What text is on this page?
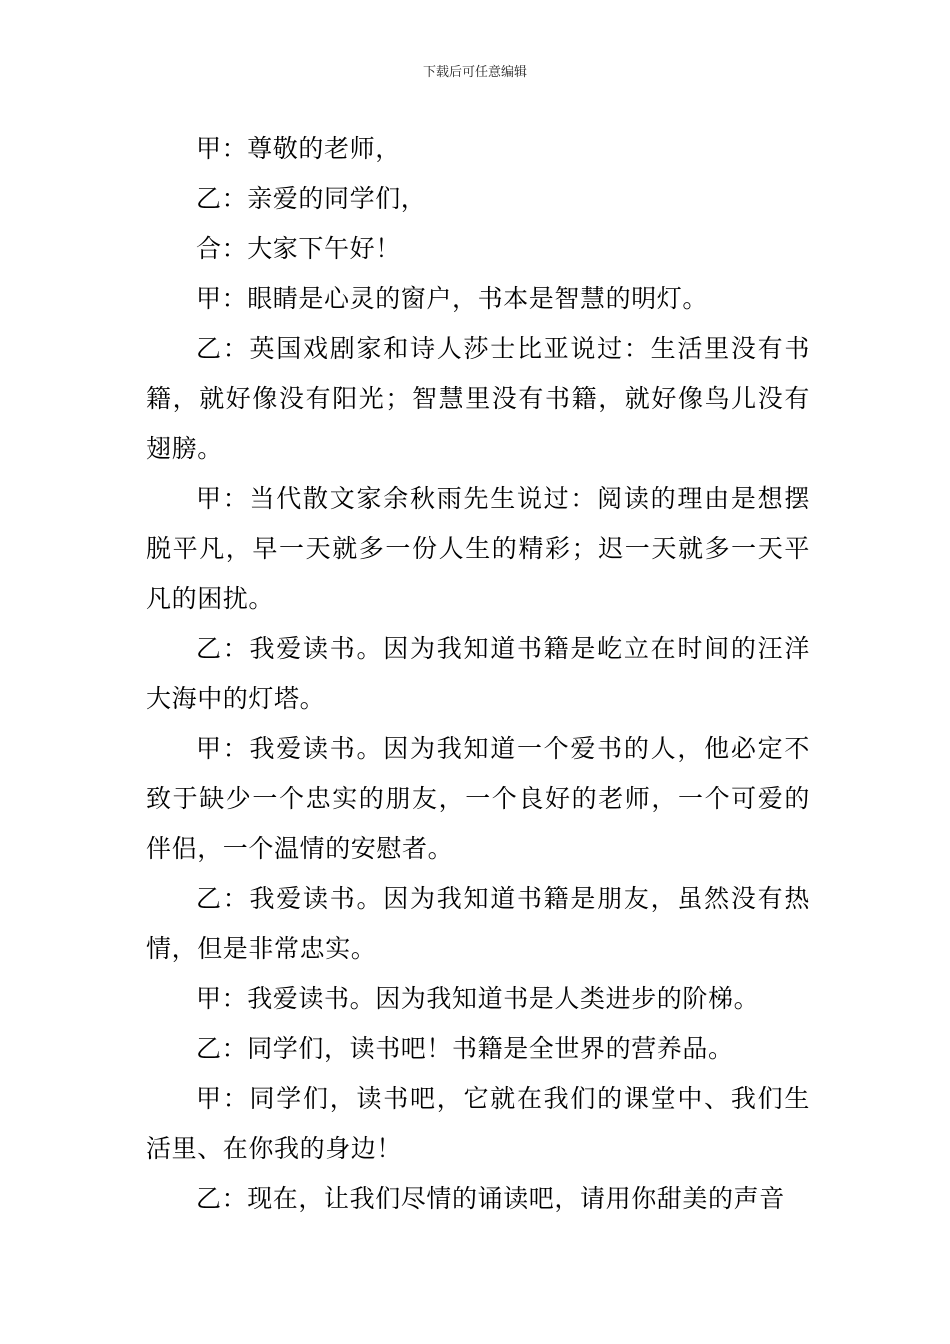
下载后可任意编辑

甲：尊敬的老师，

乙：亲爱的同学们，

合：大家下午好！

甲：眼睛是心灵的窗户，书本是智慧的明灯。

乙：英国戏剧家和诗人莎士比亚说过：生活里没有书籍，就好像没有阳光；智慧里没有书籍，就好像鸟儿没有翅膀。

甲：当代散文家余秋雨先生说过：阅读的理由是想摆脱平凡，早一天就多一份人生的精彩；迟一天就多一天平凡的困扰。

乙：我爱读书。因为我知道书籍是屹立在时间的汪洋大海中的灯塔。

甲：我爱读书。因为我知道一个爱书的人，他必定不致于缺少一个忠实的朋友，一个良好的老师，一个可爱的伴侣，一个温情的安慰者。

乙：我爱读书。因为我知道书籍是朋友，虽然没有热情，但是非常忠实。

甲：我爱读书。因为我知道书是人类进步的阶梯。

乙：同学们，读书吧！书籍是全世界的营养品。

甲：同学们，读书吧，它就在我们的课堂中、我们生活里、在你我的身边！

乙：现在，让我们尽情的诵读吧，请用你甜美的声音
